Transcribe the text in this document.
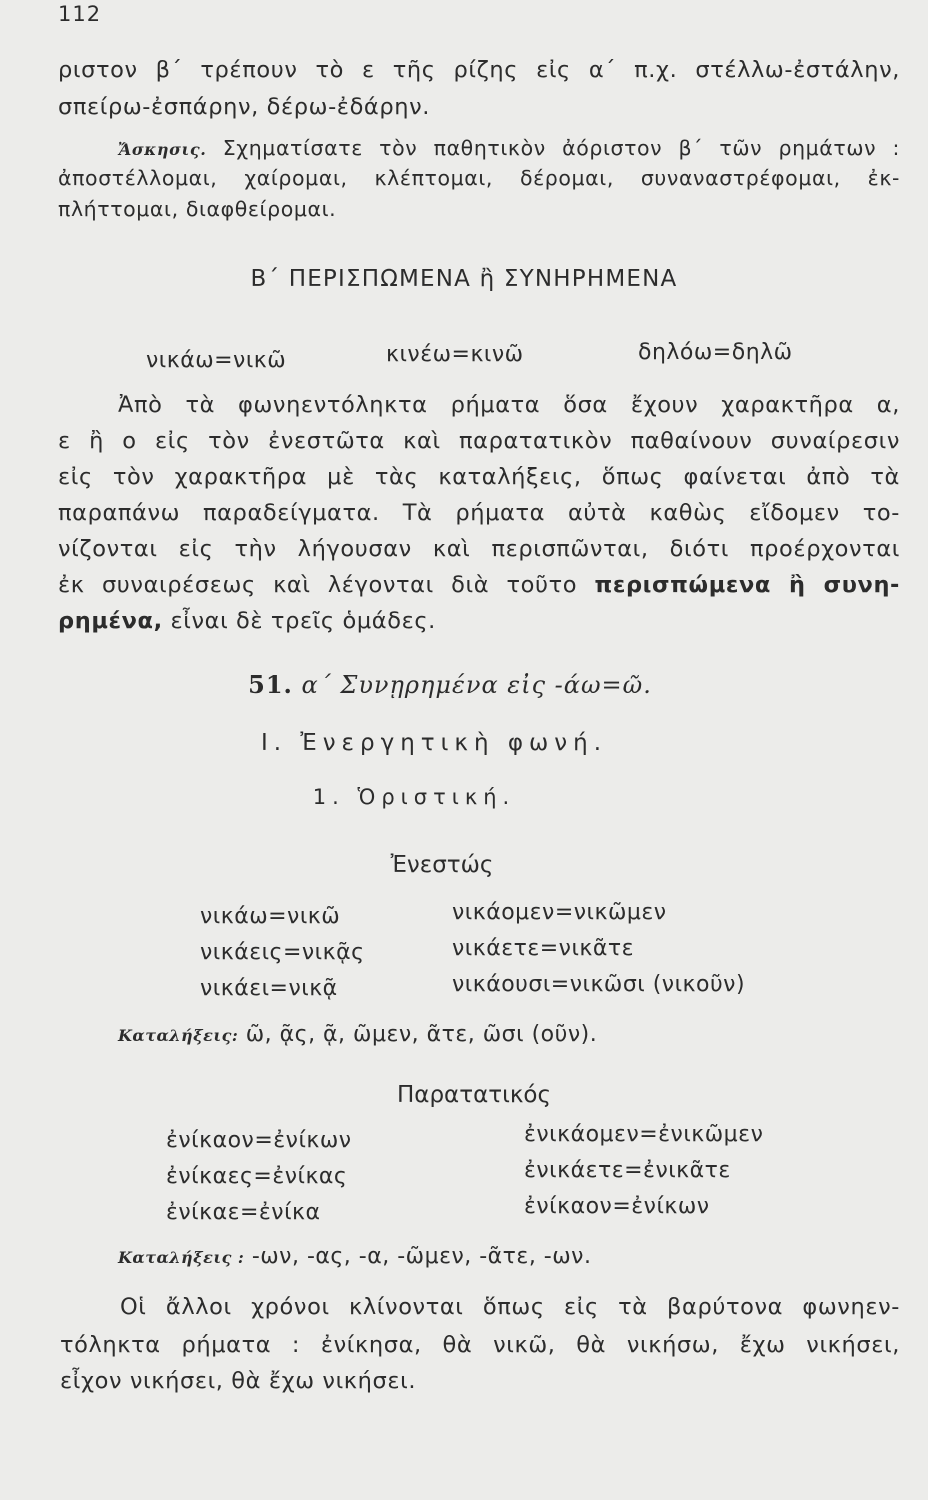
112
ριστον β΄ τρέπουν τὸ ε τῆς ρίζης εἰς α΄ π.χ. στέλλω-ἐστάλην,
σπείρω-ἐσπάρην, δέρω-ἐδάρην.
Ἄσκησις. Σχηματίσατε τὸν παθητικὸν ἀόριστον β΄ τῶν ρημάτων :
ἀποστέλλομαι, χαίρομαι, κλέπτομαι, δέρομαι, συναναστρέφομαι, ἐκ-
πλήττομαι, διαφθείρομαι.
Β΄ ΠΕΡΙΣΠΩΜΕΝΑ ἢ ΣΥΝΗΡΗΜΕΝΑ
νικάω=νικῶ	κινέω=κινῶ	δηλόω=δηλῶ
Ἀπὸ τὰ φωνηεντόληκτα ρήματα ὅσα ἔχουν χαρακτῆρα α,
ε ἢ ο εἰς τὸν ἐνεστῶτα καὶ παρατατικὸν παθαίνουν συναίρεσιν
εἰς τὸν χαρακτῆρα μὲ τὰς καταλήξεις, ὅπως φαίνεται ἀπὸ τὰ
παραπάνω παραδείγματα. Τὰ ρήματα αὐτὰ καθὼς εἴδομεν το-
νίζονται εἰς τὴν λήγουσαν καὶ περισπῶνται, διότι προέρχονται
ἐκ συναιρέσεως καὶ λέγονται διὰ τοῦτο περισπώμενα ἢ συνη-
ρημένα, εἶναι δὲ τρεῖς ὁμάδες.
51. α΄ Συνῃρημένα εἰς -άω=ῶ.
Ι. Ἐνεργητικὴ φωνή.
1. Ὁριστική.
Ἐνεστώς
νικάω=νικῶ
νικάεις=νικᾷς
νικάει=νικᾷ
νικάομεν=νικῶμεν
νικάετε=νικᾶτε
νικάουσι=νικῶσι (νικοῦν)
Καταλήξεις: ῶ, ᾷς, ᾷ, ῶμεν, ᾶτε, ῶσι (οῦν).
Παρατατικός
ἐνίκαον=ἐνίκων
ἐνίκαες=ἐνίκας
ἐνίκαε=ἐνίκα
ἐνικάομεν=ἐνικῶμεν
ἐνικάετε=ἐνικᾶτε
ἐνίκαον=ἐνίκων
Καταλήξεις : -ων, -ας, -α, -ῶμεν, -ᾶτε, -ων.
Οἱ ἄλλοι χρόνοι κλίνονται ὅπως εἰς τὰ βαρύτονα φωνηεν-
τόληκτα ρήματα : ἐνίκησα, θὰ νικῶ, θὰ νικήσω, ἔχω νικήσει,
εἶχον νικήσει, θὰ ἔχω νικήσει.
